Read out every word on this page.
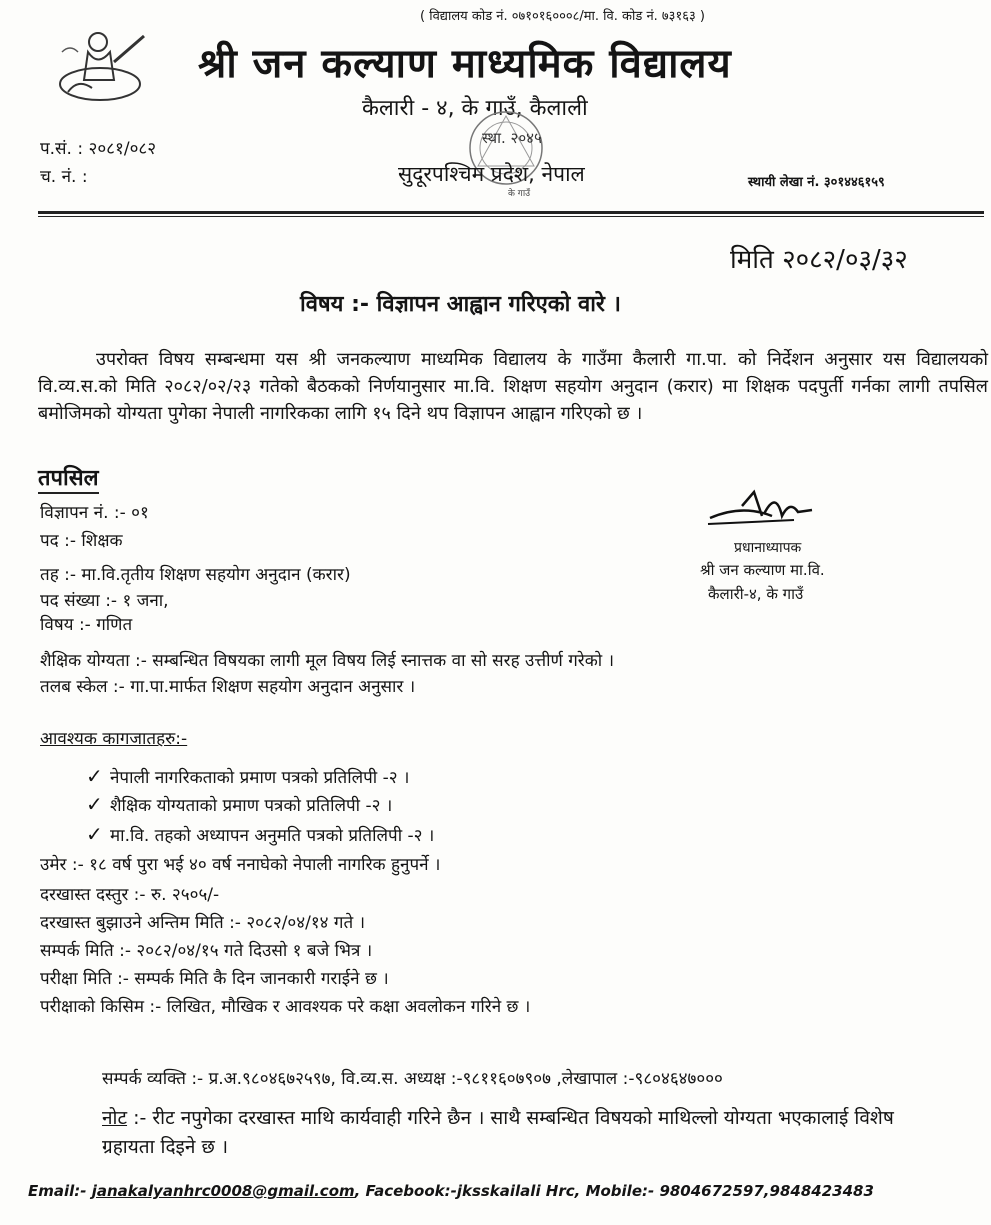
( विद्यालय कोड नं. ०७१०१६०००८/मा. वि. कोड नं. ७३१६३ )
श्री जन कल्याण माध्यमिक विद्यालय
कैलारी - ४, के गाउँ, कैलाली
स्था. २०४५
सुदूरपश्चिम प्रदेश, नेपाल
के गाउँ
प.सं. : २०८१/०८२
च. नं. :	स्थायी लेखा नं. ३०१४४६१५९
मिति २०८२/०३/३२
विषय :- विज्ञापन आह्वान गरिएको वारे ।
उपरोक्त विषय सम्बन्धमा यस श्री जनकल्याण माध्यमिक विद्यालय के गाउँमा कैलारी गा.पा. को निर्देशन अनुसार यस विद्यालयको वि.व्य.स.को मिति २०८२/०२/२३ गतेको बैठकको निर्णयानुसार मा.वि. शिक्षण सहयोग अनुदान (करार) मा शिक्षक पदपुर्ती गर्नका लागी तपसिल बमोजिमको योग्यता पुगेका नेपाली नागरिकका लागि १५ दिने थप विज्ञापन आह्वान गरिएको छ ।
तपसिल
विज्ञापन नं. :- ०१
पद :- शिक्षक
तह :- मा.वि.तृतीय शिक्षण सहयोग अनुदान (करार)
पद संख्या :- १ जना,
विषय :- गणित
शैक्षिक योग्यता :- सम्बन्धित विषयका लागी मूल विषय लिई स्नात्तक वा सो सरह उत्तीर्ण गरेको ।
तलब स्केल :- गा.पा.मार्फत शिक्षण सहयोग अनुदान अनुसार ।
प्रधानाध्यापक
श्री जन कल्याण मा.वि.
कैलारी-४, के गाउँ
आवश्यक कागजातहरु:-
✓ नेपाली नागरिकताको प्रमाण पत्रको प्रतिलिपी -२ ।
✓ शैक्षिक योग्यताको प्रमाण पत्रको प्रतिलिपी -२ ।
✓ मा.वि. तहको अध्यापन अनुमति पत्रको प्रतिलिपी -२ ।
उमेर :- १८ वर्ष पुरा भई ४० वर्ष ननाघेको नेपाली नागरिक हुनुपर्ने ।
दरखास्त दस्तुर :- रु. २५०५/-
दरखास्त बुझाउने अन्तिम मिति :- २०८२/०४/१४ गते ।
सम्पर्क मिति :- २०८२/०४/१५ गते दिउसो १ बजे भित्र ।
परीक्षा मिति :- सम्पर्क मिति कै दिन जानकारी गराईने छ ।
परीक्षाको किसिम :- लिखित, मौखिक र आवश्यक परे कक्षा अवलोकन गरिने छ ।
सम्पर्क व्यक्ति :- प्र.अ.९८०४६७२५९७, वि.व्य.स. अध्यक्ष :-९८११६०७९०७ ,लेखापाल :-९८०४६४७०००
नोट :- रीट नपुगेका दरखास्त माथि कार्यवाही गरिने छैन । साथै सम्बन्धित विषयको माथिल्लो योग्यता भएकालाई विशेष ग्रहायता दिइने छ ।
Email:- janakalyanhrc0008@gmail.com, Facebook:-jksskailali Hrc, Mobile:- 9804672597,9848423483
